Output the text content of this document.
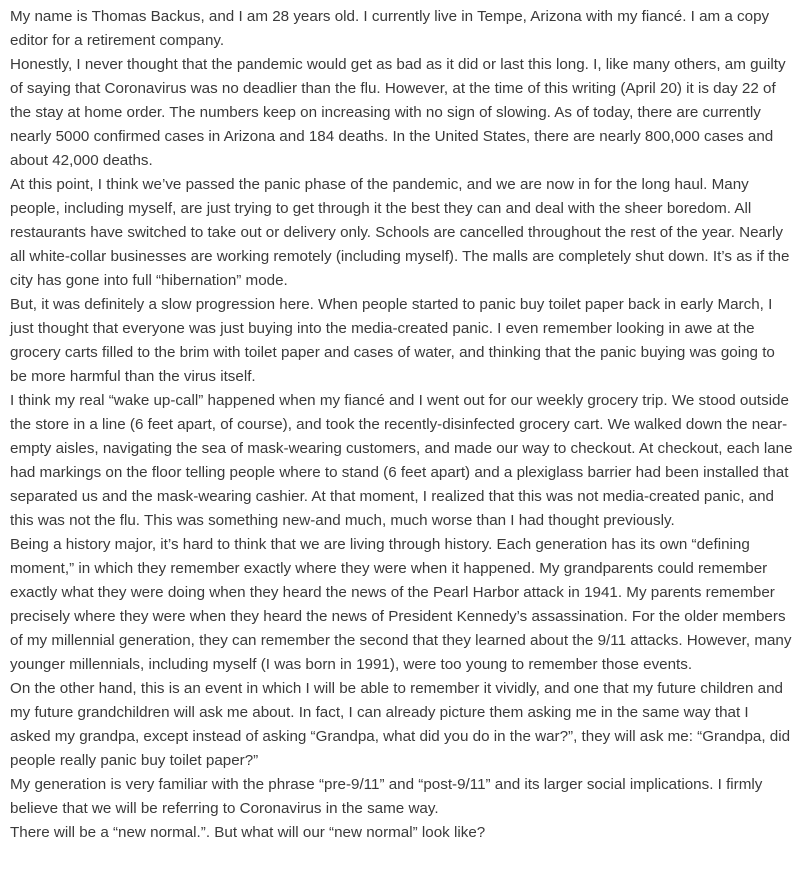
My name is Thomas Backus, and I am 28 years old. I currently live in Tempe, Arizona with my fiancé. I am a copy editor for a retirement company.

Honestly, I never thought that the pandemic would get as bad as it did or last this long. I, like many others, am guilty of saying that Coronavirus was no deadlier than the flu. However, at the time of this writing (April 20) it is day 22 of the stay at home order. The numbers keep on increasing with no sign of slowing. As of today, there are currently nearly 5000 confirmed cases in Arizona and 184 deaths. In the United States, there are nearly 800,000 cases and about 42,000 deaths.

At this point, I think we’ve passed the panic phase of the pandemic, and we are now in for the long haul. Many people, including myself, are just trying to get through it the best they can and deal with the sheer boredom. All restaurants have switched to take out or delivery only. Schools are cancelled throughout the rest of the year. Nearly all white-collar businesses are working remotely (including myself). The malls are completely shut down. It’s as if the city has gone into full “hibernation” mode.

But, it was definitely a slow progression here. When people started to panic buy toilet paper back in early March, I just thought that everyone was just buying into the media-created panic. I even remember looking in awe at the grocery carts filled to the brim with toilet paper and cases of water, and thinking that the panic buying was going to be more harmful than the virus itself.

I think my real “wake up-call” happened when my fiancé and I went out for our weekly grocery trip. We stood outside the store in a line (6 feet apart, of course), and took the recently-disinfected grocery cart. We walked down the near-empty aisles, navigating the sea of mask-wearing customers, and made our way to checkout. At checkout, each lane had markings on the floor telling people where to stand (6 feet apart) and a plexiglass barrier had been installed that separated us and the mask-wearing cashier. At that moment, I realized that this was not media-created panic, and this was not the flu. This was something new-and much, much worse than I had thought previously.

Being a history major, it’s hard to think that we are living through history. Each generation has its own “defining moment,” in which they remember exactly where they were when it happened. My grandparents could remember exactly what they were doing when they heard the news of the Pearl Harbor attack in 1941. My parents remember precisely where they were when they heard the news of President Kennedy’s assassination. For the older members of my millennial generation, they can remember the second that they learned about the 9/11 attacks. However, many younger millennials, including myself (I was born in 1991), were too young to remember those events.

On the other hand, this is an event in which I will be able to remember it vividly, and one that my future children and my future grandchildren will ask me about. In fact, I can already picture them asking me in the same way that I asked my grandpa, except instead of asking “Grandpa, what did you do in the war?”, they will ask me: “Grandpa, did people really panic buy toilet paper?”

My generation is very familiar with the phrase “pre-9/11” and “post-9/11” and its larger social implications. I firmly believe that we will be referring to Coronavirus in the same way.

There will be a “new normal.”. But what will our “new normal” look like?
